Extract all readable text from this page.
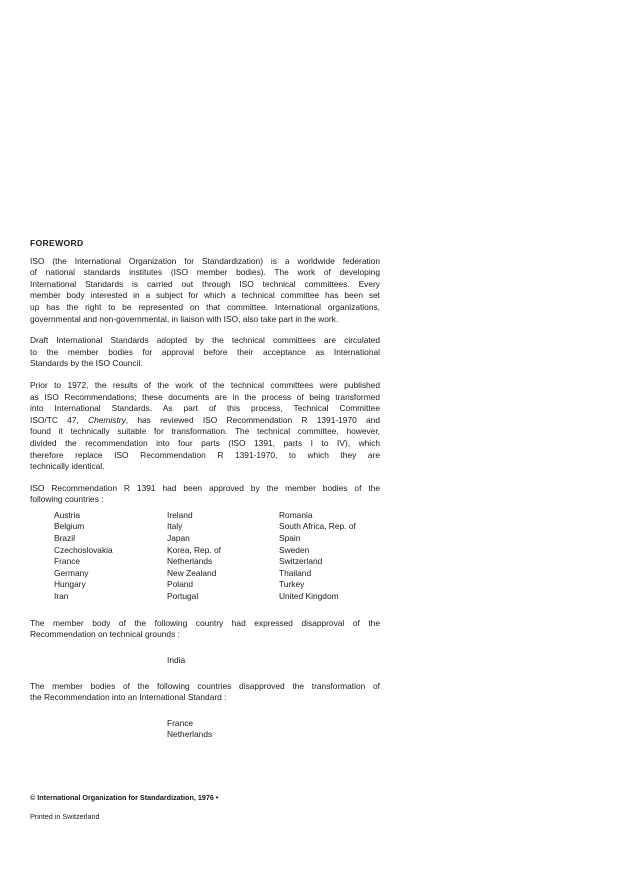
FOREWORD
ISO (the International Organization for Standardization) is a worldwide federation
of national standards institutes (ISO member bodies). The work of developing
International Standards is carried out through ISO technical committees. Every
member body interested in a subject for which a technical committee has been set
up has the right to be represented on that committee. International organizations,
governmental and non-governmental, in liaison with ISO, also take part in the work.
Draft International Standards adopted by the technical committees are circulated
to the member bodies for approval before their acceptance as International
Standards by the ISO Council.
Prior to 1972, the results of the work of the technical committees were published
as ISO Recommendations; these documents are in the process of being transformed
into International Standards. As part of this process, Technical Committee
ISO/TC 47, Chemistry, has reviewed ISO Recommendation R 1391-1970 and
found it technically suitable for transformation. The technical committee, however,
divided the recommendation into four parts (ISO 1391, parts I to IV), which
therefore replace ISO Recommendation R 1391-1970, to which they are
technically identical.
ISO Recommendation R 1391 had been approved by the member bodies of the
following countries :
Austria
Belgium
Brazil
Czechoslovakia
France
Germany
Hungary
Iran
Ireland
Italy
Japan
Korea, Rep. of
Netherlands
New Zealand
Poland
Portugal
Romania
South Africa, Rep. of
Spain
Sweden
Switzerland
Thailand
Turkey
United Kingdom
The member body of the following country had expressed disapproval of the
Recommendation on technical grounds :
India
The member bodies of the following countries disapproved the transformation of
the Recommendation into an International Standard :
France
Netherlands
© International Organization for Standardization, 1976 •
Printed in Switzerland
